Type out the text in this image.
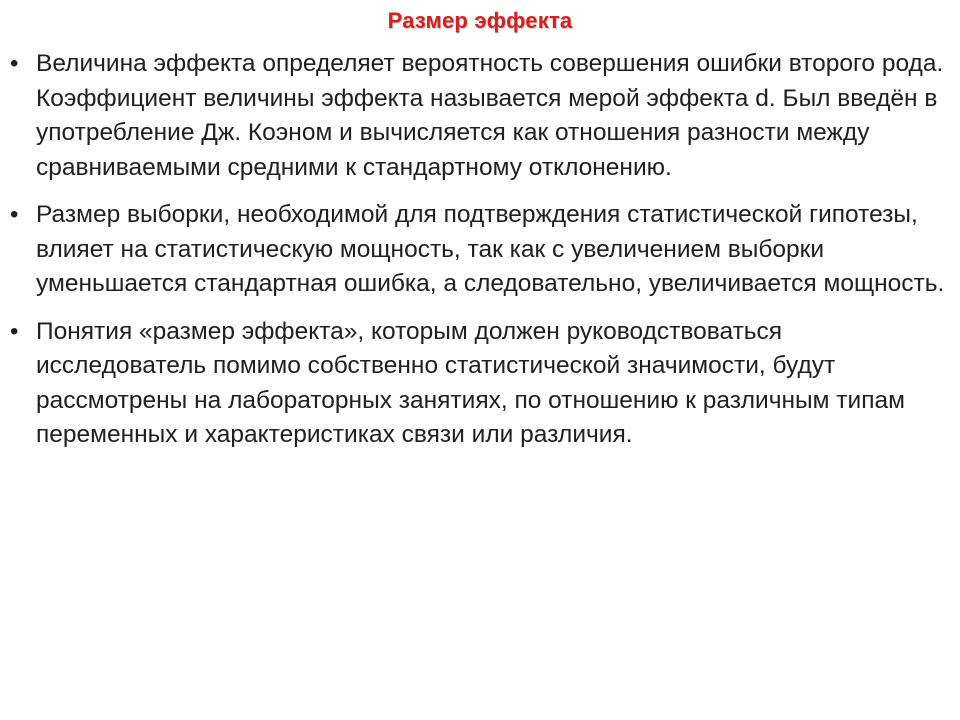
Размер эффекта
• Величина эффекта определяет вероятность совершения ошибки второго рода. Коэффициент величины эффекта называется мерой эффекта d. Был введён в употребление Дж. Коэном и вычисляется как отношения разности между сравниваемыми средними к стандартному отклонению.
• Размер выборки, необходимой для подтверждения статистической гипотезы, влияет на статистическую мощность, так как с увеличением выборки уменьшается стандартная ошибка, а следовательно, увеличивается мощность.
• Понятия «размер эффекта», которым должен руководствоваться исследователь помимо собственно статистической значимости, будут рассмотрены на лабораторных занятиях, по отношению к различным типам переменных и характеристиках связи или различия.
